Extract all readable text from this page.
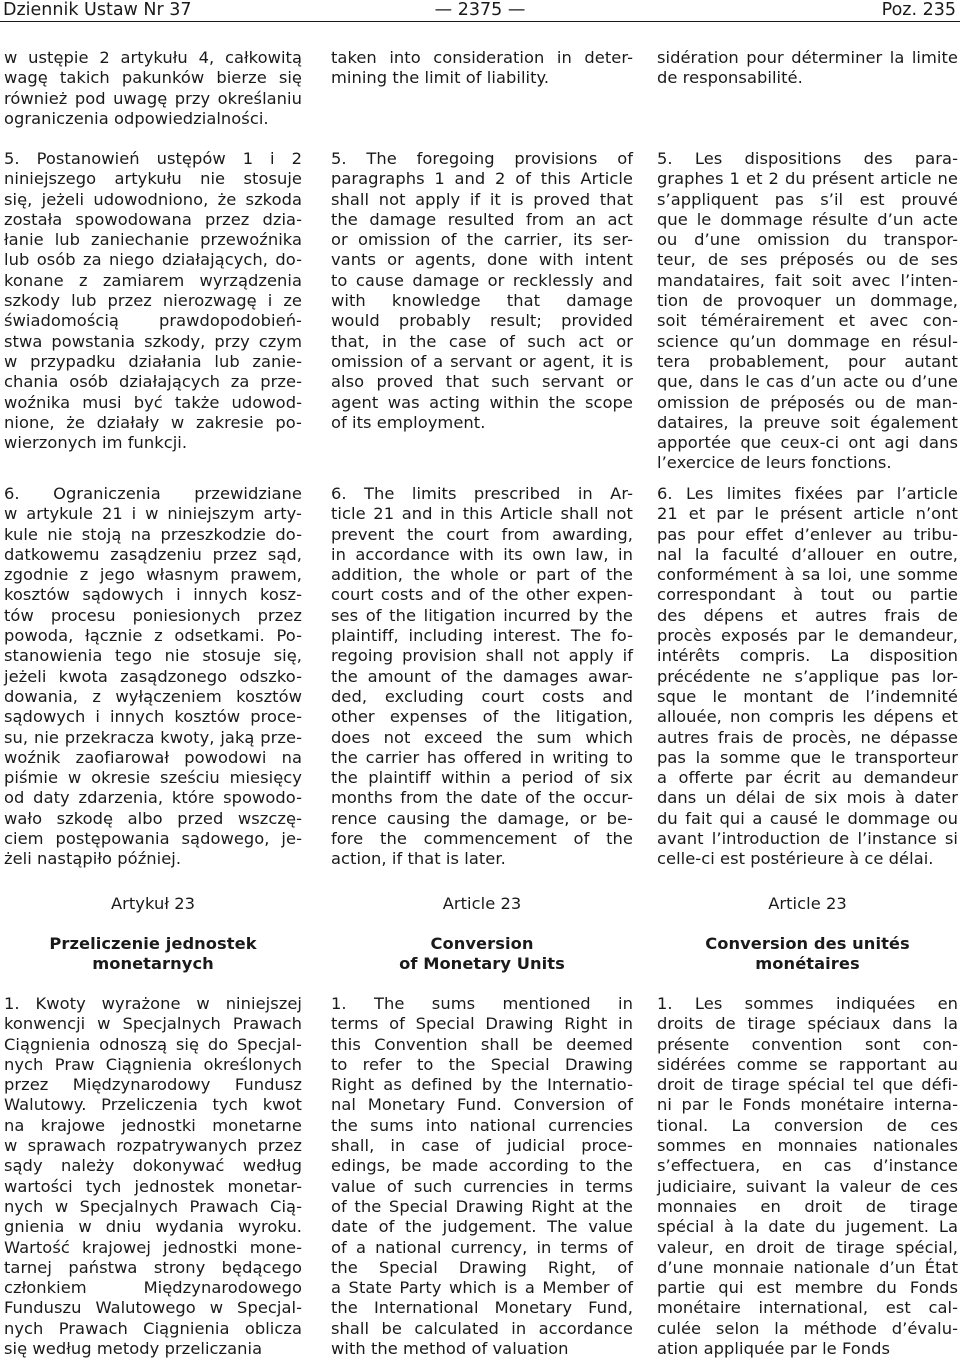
Dziennik Ustaw Nr 37	— 2375 —	Poz. 235
w ustępie 2 artykułu 4, całkowitą
wagę takich pakunków bierze się
również pod uwagę przy określaniu
ograniczenia odpowiedzialności.
5. Postanowień ustępów 1 i 2
niniejszego artykułu nie stosuje
się, jeżeli udowodniono, że szkoda
została spowodowana przez dzia-
łanie lub zaniechanie przewoźnika
lub osób za niego działających, do-
konane z zamiarem wyrządzenia
szkody lub przez nierozwagę i ze
świadomością prawdopodobień-
stwa powstania szkody, przy czym
w przypadku działania lub zanie-
chania osób działających za prze-
woźnika musi być także udowod-
nione, że działały w zakresie po-
wierzonych im funkcji.
6. Ograniczenia przewidziane
w artykule 21 i w niniejszym arty-
kule nie stoją na przeszkodzie do-
datkowemu zasądzeniu przez sąd,
zgodnie z jego własnym prawem,
kosztów sądowych i innych kosz-
tów procesu poniesionych przez
powoda, łącznie z odsetkami. Po-
stanowienia tego nie stosuje się,
jeżeli kwota zasądzonego odszko-
dowania, z wyłączeniem kosztów
sądowych i innych kosztów proce-
su, nie przekracza kwoty, jaką prze-
woźnik zaofiarował powodowi na
piśmie w okresie sześciu miesięcy
od daty zdarzenia, które spowodo-
wało szkodę albo przed wszczę-
ciem postępowania sądowego, je-
żeli nastąpiło później.
Artykuł 23
Przeliczenie jednostek
monetarnych
1. Kwoty wyrażone w niniejszej
konwencji w Specjalnych Prawach
Ciągnienia odnoszą się do Specjal-
nych Praw Ciągnienia określonych
przez Międzynarodowy Fundusz
Walutowy. Przeliczenia tych kwot
na krajowe jednostki monetarne
w sprawach rozpatrywanych przez
sądy należy dokonywać według
wartości tych jednostek monetar-
nych w Specjalnych Prawach Cią-
gnienia w dniu wydania wyroku.
Wartość krajowej jednostki mone-
tarnej państwa strony będącego
członkiem Międzynarodowego
Funduszu Walutowego w Specjal-
nych Prawach Ciągnienia oblicza
się według metody przeliczania
taken into consideration in deter-
mining the limit of liability.
5. The foregoing provisions of
paragraphs 1 and 2 of this Article
shall not apply if it is proved that
the damage resulted from an act
or omission of the carrier, its ser-
vants or agents, done with intent
to cause damage or recklessly and
with knowledge that damage
would probably result; provided
that, in the case of such act or
omission of a servant or agent, it is
also proved that such servant or
agent was acting within the scope
of its employment.
6. The limits prescribed in Ar-
ticle 21 and in this Article shall not
prevent the court from awarding,
in accordance with its own law, in
addition, the whole or part of the
court costs and of the other expen-
ses of the litigation incurred by the
plaintiff, including interest. The fo-
regoing provision shall not apply if
the amount of the damages awar-
ded, excluding court costs and
other expenses of the litigation,
does not exceed the sum which
the carrier has offered in writing to
the plaintiff within a period of six
months from the date of the occur-
rence causing the damage, or be-
fore the commencement of the
action, if that is later.
Article 23
Conversion
of Monetary Units
1. The sums mentioned in
terms of Special Drawing Right in
this Convention shall be deemed
to refer to the Special Drawing
Right as defined by the Internatio-
nal Monetary Fund. Conversion of
the sums into national currencies
shall, in case of judicial proce-
edings, be made according to the
value of such currencies in terms
of the Special Drawing Right at the
date of the judgement. The value
of a national currency, in terms of
the Special Drawing Right, of
a State Party which is a Member of
the International Monetary Fund,
shall be calculated in accordance
with the method of valuation
sidération pour déterminer la limite
de responsabilité.
5. Les dispositions des para-
graphes 1 et 2 du présent article ne
s’appliquent pas s’il est prouvé
que le dommage résulte d’un acte
ou d’une omission du transpor-
teur, de ses préposés ou de ses
mandataires, fait soit avec l’inten-
tion de provoquer un dommage,
soit témérairement et avec con-
science qu’un dommage en résul-
tera probablement, pour autant
que, dans le cas d’un acte ou d’une
omission de préposés ou de man-
dataires, la preuve soit également
apportée que ceux-ci ont agi dans
l’exercice de leurs fonctions.
6. Les limites fixées par l’article
21 et par le présent article n’ont
pas pour effet d’enlever au tribu-
nal la faculté d’allouer en outre,
conformément à sa loi, une somme
correspondant à tout ou partie
des dépens et autres frais de
procès exposés par le demandeur,
intérêts compris. La disposition
précédente ne s’applique pas lor-
sque le montant de l’indemnité
allouée, non compris les dépens et
autres frais de procès, ne dépasse
pas la somme que le transporteur
a offerte par écrit au demandeur
dans un délai de six mois à dater
du fait qui a causé le dommage ou
avant l’introduction de l’instance si
celle-ci est postérieure à ce délai.
Article 23
Conversion des unités
monétaires
1. Les sommes indiquées en
droits de tirage spéciaux dans la
présente convention sont con-
sidérées comme se rapportant au
droit de tirage spécial tel que défi-
ni par le Fonds monétaire interna-
tional. La conversion de ces
sommes en monnaies nationales
s’effectuera, en cas d’instance
judiciaire, suivant la valeur de ces
monnaies en droit de tirage
spécial à la date du jugement. La
valeur, en droit de tirage spécial,
d’une monnaie nationale d’un État
partie qui est membre du Fonds
monétaire international, est cal-
culée selon la méthode d’évalu-
ation appliquée par le Fonds
